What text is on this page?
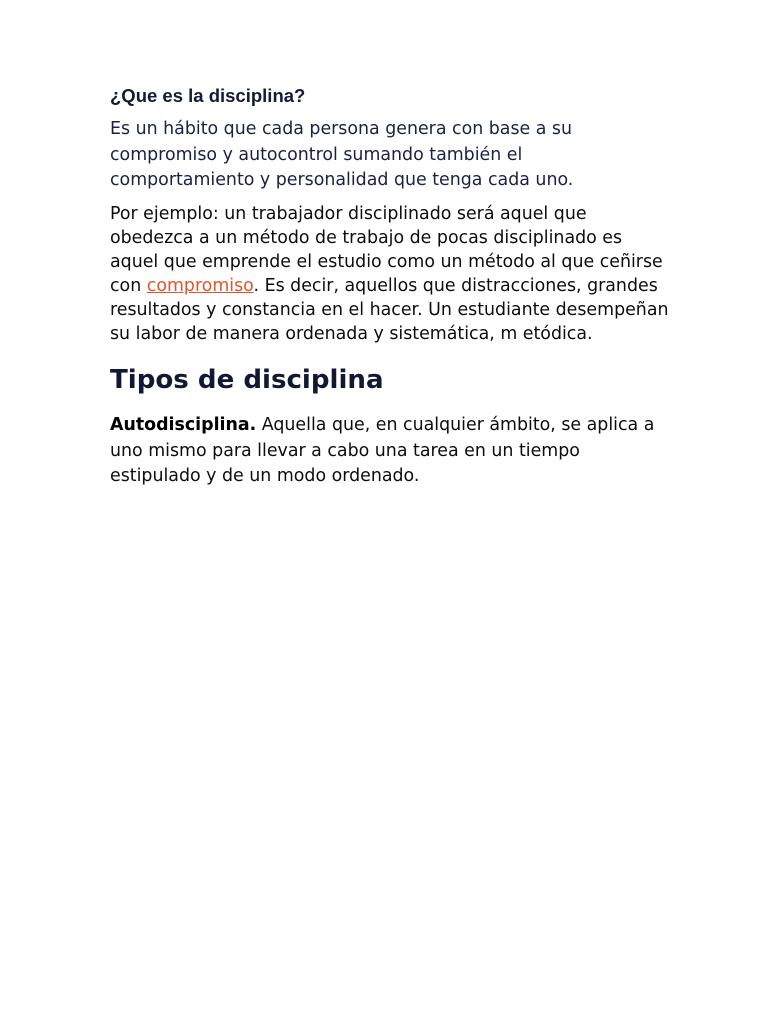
¿Que es la disciplina?

Es un hábito que cada persona genera con base a su compromiso y autocontrol sumando también el comportamiento y personalidad que tenga cada uno.

Por ejemplo: un trabajador disciplinado será aquel que obedezca a un método de trabajo de pocas disciplinado es aquel que emprende el estudio como un método al que ceñirse con compromiso. Es decir, aquellos que distracciones, grandes resultados y constancia en el hacer. Un estudiante desempeñan su labor de manera ordenada y sistemática, m etódica.

Tipos de disciplina

Autodisciplina. Aquella que, en cualquier ámbito, se aplica a uno mismo para llevar a cabo una tarea en un tiempo estipulado y de un modo ordenado.
